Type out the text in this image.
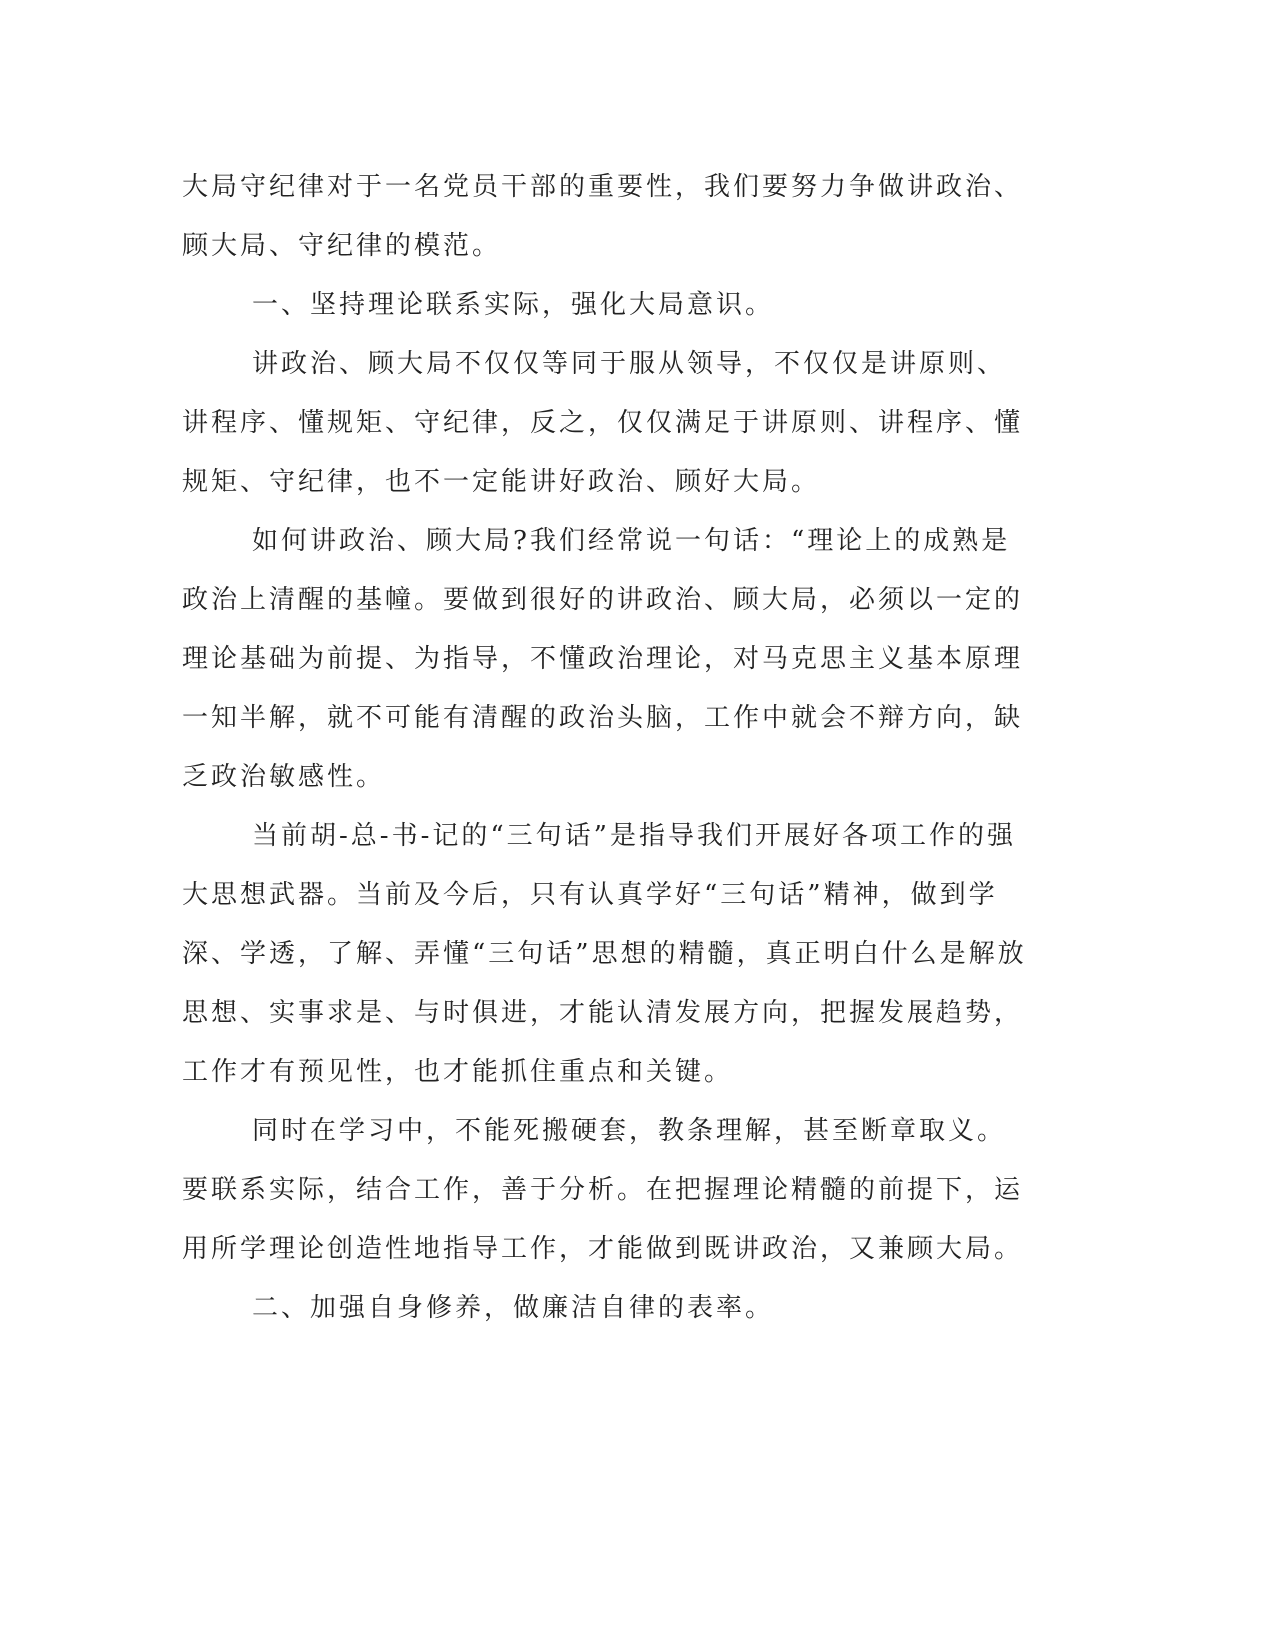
大局守纪律对于一名党员干部的重要性，我们要努力争做讲政治、顾大局、守纪律的模范。

一、坚持理论联系实际，强化大局意识。

讲政治、顾大局不仅仅等同于服从领导，不仅仅是讲原则、讲程序、懂规矩、守纪律，反之，仅仅满足于讲原则、讲程序、懂规矩、守纪律，也不一定能讲好政治、顾好大局。

如何讲政治、顾大局?我们经常说一句话：“理论上的成熟是政治上清醒的基幢。要做到很好的讲政治、顾大局，必须以一定的理论基础为前提、为指导，不懂政治理论，对马克思主义基本原理一知半解，就不可能有清醒的政治头脑，工作中就会不辩方向，缺乏政治敏感性。

当前胡-总-书-记的“三句话”是指导我们开展好各项工作的强大思想武器。当前及今后，只有认真学好“三句话”精神，做到学深、学透，了解、弄懂“三句话”思想的精髓，真正明白什么是解放思想、实事求是、与时俱进，才能认清发展方向，把握发展趋势，工作才有预见性，也才能抓住重点和关键。

同时在学习中，不能死搬硬套，教条理解，甚至断章取义。要联系实际，结合工作，善于分析。在把握理论精髓的前提下，运用所学理论创造性地指导工作，才能做到既讲政治，又兼顾大局。

二、加强自身修养，做廉洁自律的表率。
